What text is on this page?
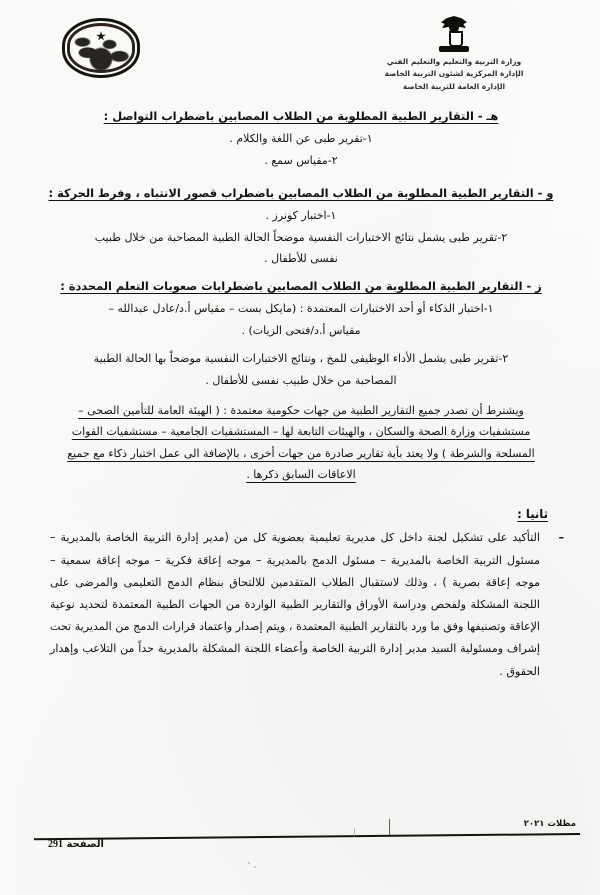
وزارة التربية والتعليم والتعليم الفني
الإدارة المركزية لشئون التربية الخاصة
الإدارة العامة للتربية الخاصة

هـ - التقارير الطبية المطلوبة من الطلاب المصابين باضطراب التواصل :

١-تقرير طبى عن اللغة والكلام .

٢-مقياس سمع .

و - التقارير الطبية المطلوبة من الطلاب المصابين باضطراب قصور الانتباه ، وفرط الحركة :

١-اختبار كونرز .

٢-تقرير طبى يشمل نتائج الاختبارات النفسية موضحاً الحالة الطبية المصاحبة من خلال طبيب

نفسى للأطفال .

ز - التقارير الطبية المطلوبة من الطلاب المصابين باضطرابات صعوبات التعلم المحددة :

١-اختبار الذكاء أو أحد الاختبارات المعتمدة : (مايكل بست – مقياس أ.د/عادل عبدالله –

مقياس أ.د/فتحى الزيات) .

٢-تقرير طبى يشمل الأداء الوظيفى للمخ ، ونتائج الاختبارات النفسية موضحاً بها الحالة الطبية

المصاحبة من خلال طبيب نفسى للأطفال .

ويشترط أن تصدر جميع التقارير الطبية من جهات حكومية معتمدة : ( الهيئة العامة للتأمين الصحى –
مستشفيات وزارة الصحة والسكان ، والهيئات التابعة لها – المستشفيات الجامعية – مستشفيات القوات
المسلحة والشرطة ) ولا يعتد بأية تقارير صادرة من جهات أخرى ، بالإضافة الى عمل اختبار ذكاء مع جميع
الاعاقات السابق ذكرها .

ثانيا :

–
التأكيد على تشكيل لجنة داخل كل مديرية تعليمية بعضوية كل من (مدير إدارة التربية الخاصة بالمديرية – مسئول التربية الخاصة بالمديرية – مسئول الدمج بالمديرية – موجه إعاقة فكرية – موجه إعاقة سمعية – موجه إعاقة بصرية ) ، وذلك لاستقبال الطلاب المتقدمين للالتحاق بنظام الدمج التعليمى والمرضى على اللجنة المشكلة ولفحص ودراسة الأوراق والتقارير الطبية الواردة من الجهات الطبية المعتمدة لتحديد نوعية الإعاقة وتصنيفها وفق ما ورد بالتقارير الطبية المعتمدة ، ويتم إصدار واعتماد قرارات الدمج من المديرية تحت إشراف ومسئولية السيد مدير إدارة التربية الخاصة وأعضاء اللجنة المشكلة بالمديرية حداً من التلاعب وإهدار الحقوق .

الصفحة 291
مظلات ٢٠٢١
